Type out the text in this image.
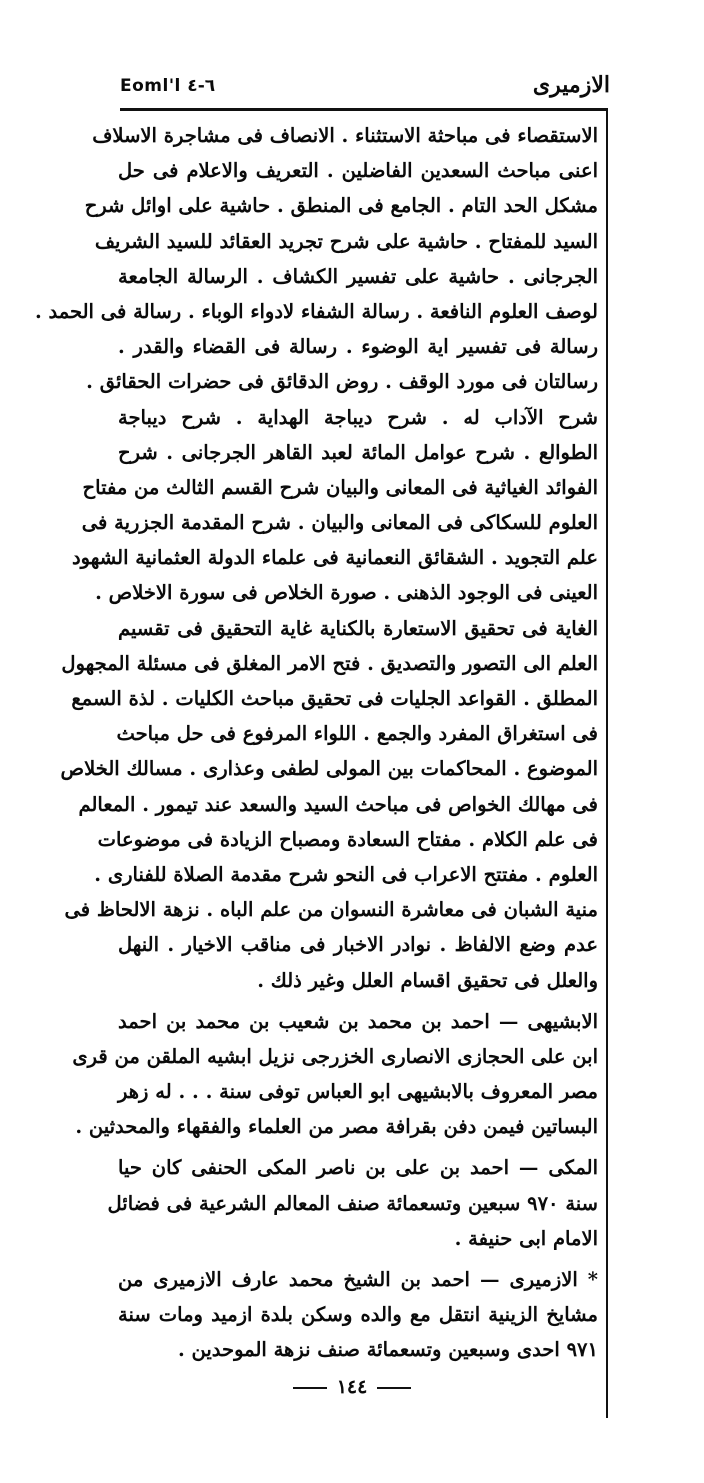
الازميرى
Eoml'l ٦-٤
الاستقصاء فى مباحثة الاستثناء . الانصاف فى مشاجرة الاسلاف
اعنى مباحث السعدين الفاضلين . التعريف والاعلام فى حل
مشكل الحد التام . الجامع فى المنطق . حاشية على اوائل شرح
السيد للمفتاح . حاشية على شرح تجريد العقائد للسيد الشريف
الجرجانى . حاشية على تفسير الكشاف . الرسالة الجامعة
لوصف العلوم النافعة . رسالة الشفاء لادواء الوباء . رسالة فى الحمد .
رسالة فى تفسير اية الوضوء . رسالة فى القضاء والقدر .
رسالتان فى مورد الوقف . روض الدقائق فى حضرات الحقائق .
شرح الآداب له . شرح ديباجة الهداية . شرح ديباجة
الطوالع . شرح عوامل المائة لعبد القاهر الجرجانى . شرح
الفوائد الغياثية فى المعانى والبيان شرح القسم الثالث من مفتاح
العلوم للسكاكى فى المعانى والبيان . شرح المقدمة الجزرية فى
علم التجويد . الشقائق النعمانية فى علماء الدولة العثمانية الشهود
العينى فى الوجود الذهنى . صورة الخلاص فى سورة الاخلاص .
الغاية فى تحقيق الاستعارة بالكناية غاية التحقيق فى تقسيم
العلم الى التصور والتصديق . فتح الامر المغلق فى مسئلة المجهول
المطلق . القواعد الجليات فى تحقيق مباحث الكليات . لذة السمع
فى استغراق المفرد والجمع . اللواء المرفوع فى حل مباحث
الموضوع . المحاكمات بين المولى لطفى وعذارى . مسالك الخلاص
فى مهالك الخواص فى مباحث السيد والسعد عند تيمور . المعالم
فى علم الكلام . مفتاح السعادة ومصباح الزيادة فى موضوعات
العلوم . مفتتح الاعراب فى النحو شرح مقدمة الصلاة للفنارى .
منية الشبان فى معاشرة النسوان من علم الباه . نزهة الالحاظ فى
عدم وضع الالفاظ . نوادر الاخبار فى مناقب الاخيار . النهل
والعلل فى تحقيق اقسام العلل وغير ذلك .
الابشيهى — احمد بن محمد بن شعيب بن محمد بن احمد
ابن على الحجازى الانصارى الخزرجى نزيل ابشيه الملقن من قرى
مصر المعروف بالابشيهى ابو العباس توفى سنة . . . له زهر
البساتين فيمن دفن بقرافة مصر من العلماء والفقهاء والمحدثين .
المكى — احمد بن على بن ناصر المكى الحنفى كان حيا
سنة ٩٧٠ سبعين وتسعمائة صنف المعالم الشرعية فى فضائل
الامام ابى حنيفة .
* الازميرى — احمد بن الشيخ محمد عارف الازميرى من
مشايخ الزينية انتقل مع والده وسكن بلدة ازميد ومات سنة
٩٧١ احدى وسبعين وتسعمائة صنف نزهة الموحدين .
١٤٤
